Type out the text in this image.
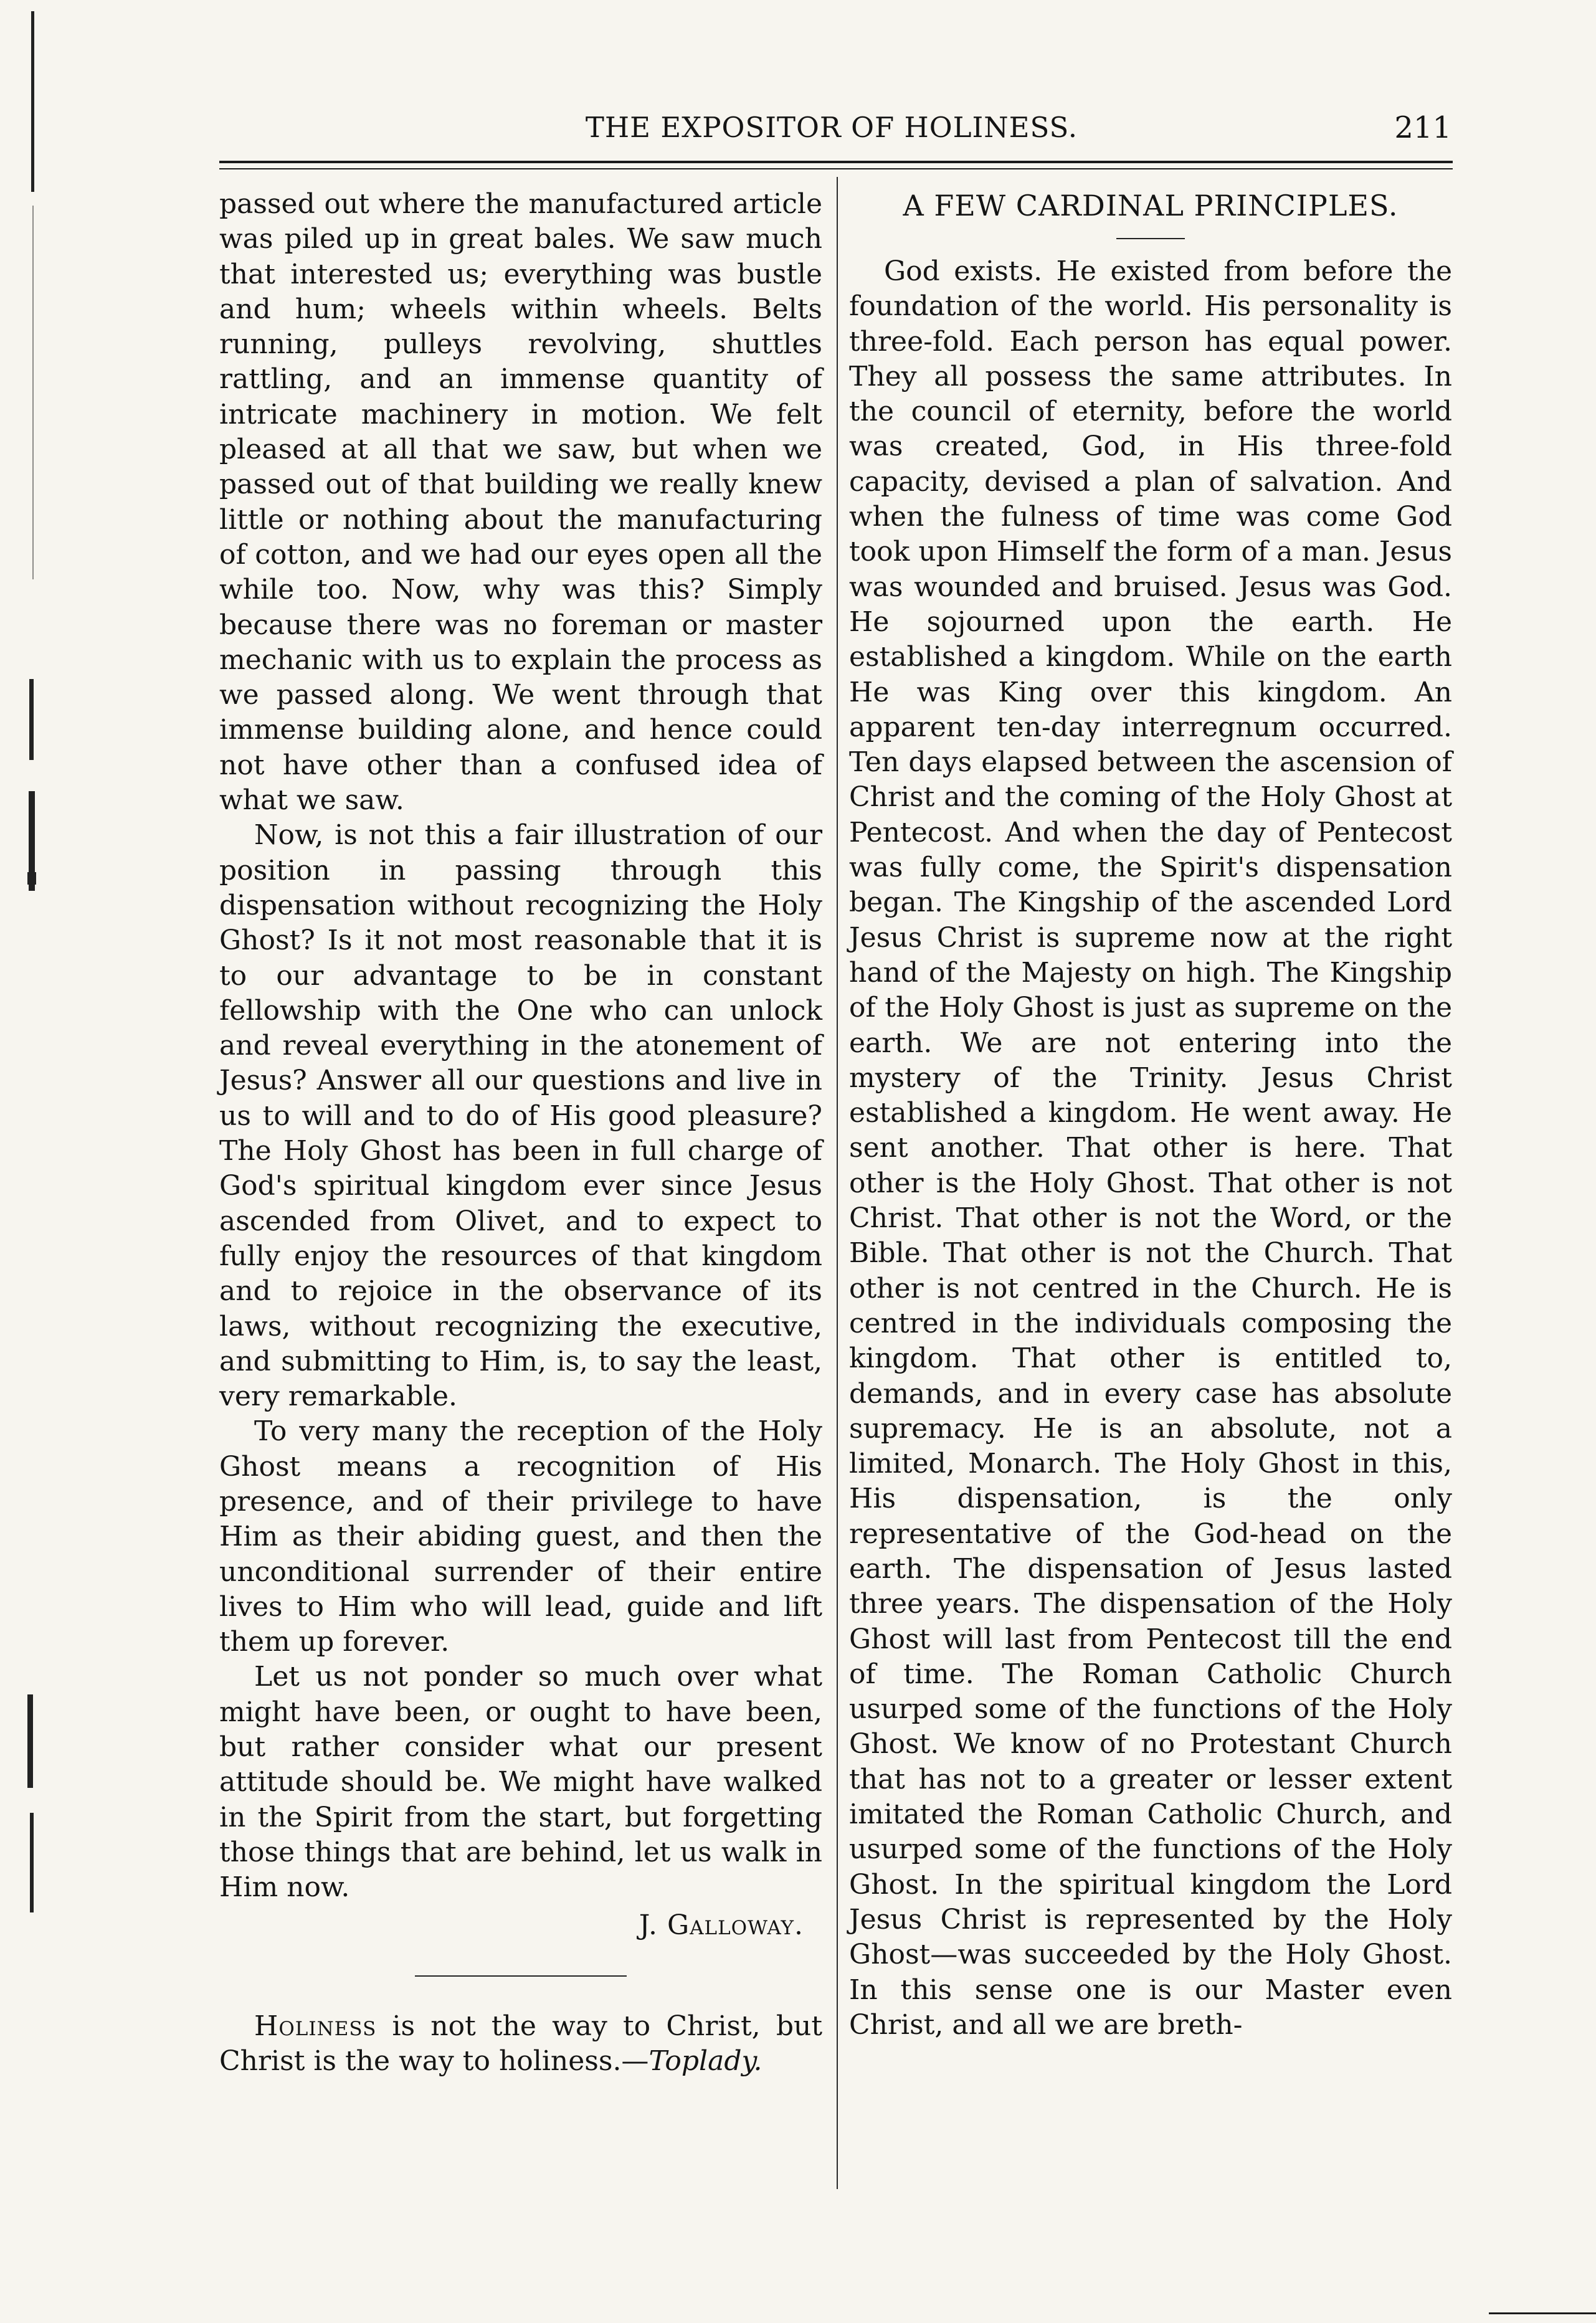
THE EXPOSITOR OF HOLINESS.	211

passed out where the manufactured article was piled up in great bales. We saw much that interested us; everything was bustle and hum; wheels within wheels. Belts running, pulleys revolving, shuttles rattling, and an immense quantity of intricate machinery in motion. We felt pleased at all that we saw, but when we passed out of that building we really knew little or nothing about the manufacturing of cotton, and we had our eyes open all the while too. Now, why was this? Simply because there was no foreman or master mechanic with us to explain the process as we passed along. We went through that immense building alone, and hence could not have other than a confused idea of what we saw.

Now, is not this a fair illustration of our position in passing through this dispensation without recognizing the Holy Ghost? Is it not most reasonable that it is to our advantage to be in constant fellowship with the One who can unlock and reveal everything in the atonement of Jesus? Answer all our questions and live in us to will and to do of His good pleasure? The Holy Ghost has been in full charge of God's spiritual kingdom ever since Jesus ascended from Olivet, and to expect to fully enjoy the resources of that kingdom and to rejoice in the observance of its laws, without recognizing the executive, and submitting to Him, is, to say the least, very remarkable.

To very many the reception of the Holy Ghost means a recognition of His presence, and of their privilege to have Him as their abiding guest, and then the unconditional surrender of their entire lives to Him who will lead, guide and lift them up forever.

Let us not ponder so much over what might have been, or ought to have been, but rather consider what our present attitude should be. We might have walked in the Spirit from the start, but forgetting those things that are behind, let us walk in Him now.

J. Galloway.

Holiness is not the way to Christ, but Christ is the way to holiness.—Toplady.

A FEW CARDINAL PRINCIPLES.

God exists. He existed from before the foundation of the world. His personality is three-fold. Each person has equal power. They all possess the same attributes. In the council of eternity, before the world was created, God, in His three-fold capacity, devised a plan of salvation. And when the fulness of time was come God took upon Himself the form of a man. Jesus was wounded and bruised. Jesus was God. He sojourned upon the earth. He established a kingdom. While on the earth He was King over this kingdom. An apparent ten-day interregnum occurred. Ten days elapsed between the ascension of Christ and the coming of the Holy Ghost at Pentecost. And when the day of Pentecost was fully come, the Spirit's dispensation began. The Kingship of the ascended Lord Jesus Christ is supreme now at the right hand of the Majesty on high. The Kingship of the Holy Ghost is just as supreme on the earth. We are not entering into the mystery of the Trinity. Jesus Christ established a kingdom. He went away. He sent another. That other is here. That other is the Holy Ghost. That other is not Christ. That other is not the Word, or the Bible. That other is not the Church. That other is not centred in the Church. He is centred in the individuals composing the kingdom. That other is entitled to, demands, and in every case has absolute supremacy. He is an absolute, not a limited, Monarch. The Holy Ghost in this, His dispensation, is the only representative of the God-head on the earth. The dispensation of Jesus lasted three years. The dispensation of the Holy Ghost will last from Pentecost till the end of time. The Roman Catholic Church usurped some of the functions of the Holy Ghost. We know of no Protestant Church that has not to a greater or lesser extent imitated the Roman Catholic Church, and usurped some of the functions of the Holy Ghost. In the spiritual kingdom the Lord Jesus Christ is represented by the Holy Ghost—was succeeded by the Holy Ghost. In this sense one is our Master even Christ, and all we are breth-
